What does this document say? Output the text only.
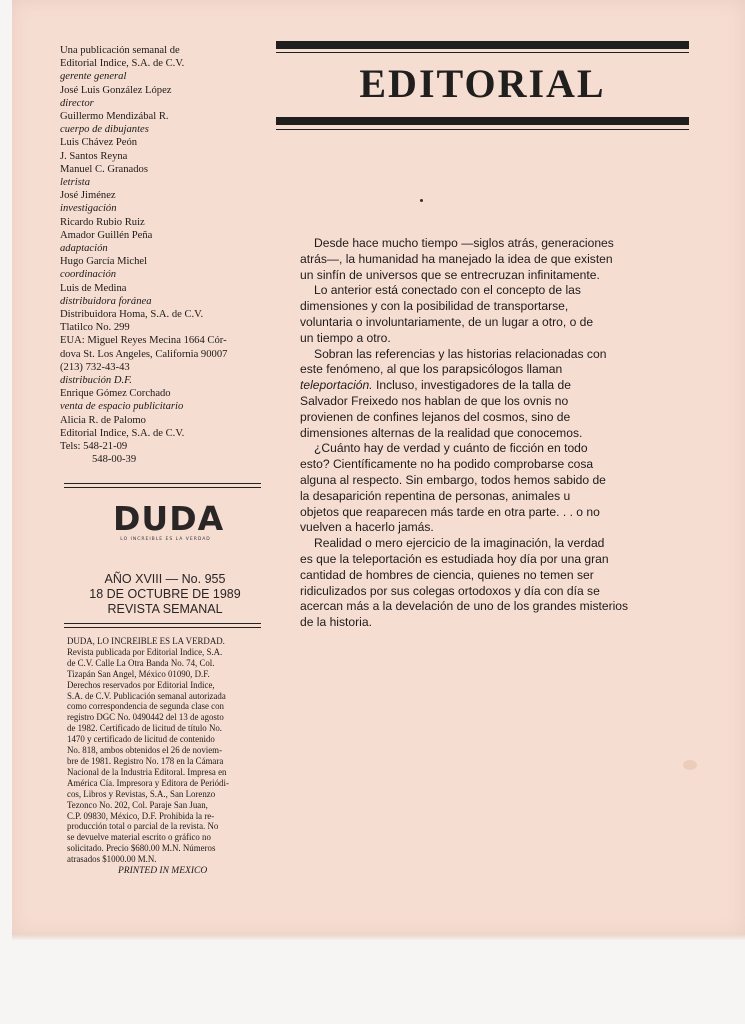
Una publicación semanal de
Editorial Indice, S.A. de C.V.
gerente general
José Luis González López
director
Guillermo Mendizábal R.
cuerpo de dibujantes
Luis Chávez Peón
J. Santos Reyna
Manuel C. Granados
letrista
José Jiménez
investigación
Ricardo Rubio Ruiz
Amador Guillén Peña
adaptación
Hugo García Michel
coordinación
Luis de Medina
distribuidora foránea
Distribuidora Homa, S.A. de C.V.
Tlatilco No. 299
EUA: Miguel Reyes Mecina 1664 Cór-
dova St. Los Angeles, California 90007
(213) 732-43-43
distribución D.F.
Enrique Gómez Corchado
venta de espacio publicitario
Alicia R. de Palomo
Editorial Indice, S.A. de C.V.
Tels: 548-21-09
548-00-39
DUDA
LO INCREIBLE ES LA VERDAD
AÑO XVIII — No. 955
18 DE OCTUBRE DE 1989
REVISTA SEMANAL
DUDA, LO INCREIBLE ES LA VERDAD.
Revista publicada por Editorial Indice, S.A.
de C.V. Calle La Otra Banda No. 74, Col.
Tizapán San Angel, México 01090, D.F.
Derechos reservados por Editorial Indice,
S.A. de C.V. Publicación semanal autorizada
como correspondencia de segunda clase con
registro DGC No. 0490442 del 13 de agosto
de 1982. Certificado de licitud de título No.
1470 y certificado de licitud de contenido
No. 818, ambos obtenidos el 26 de noviem-
bre de 1981. Registro No. 178 en la Cámara
Nacional de la Industria Editoral. Impresa en
América Cía. Impresora y Editora de Periódi-
cos, Libros y Revistas, S.A., San Lorenzo
Tezonco No. 202, Col. Paraje San Juan,
C.P. 09830, México, D.F. Prohibida la re-
producción total o parcial de la revista. No
se devuelve material escrito o gráfico no
solicitado. Precio $680.00 M.N. Números
atrasados $1000.00 M.N.
PRINTED IN MEXICO
EDITORIAL
Desde hace mucho tiempo —siglos atrás, generaciones
atrás—, la humanidad ha manejado la idea de que existen
un sinfín de universos que se entrecruzan infinitamente.
Lo anterior está conectado con el concepto de las
dimensiones y con la posibilidad de transportarse,
voluntaria o involuntariamente, de un lugar a otro, o de
un tiempo a otro.
Sobran las referencias y las historias relacionadas con
este fenómeno, al que los parapsicólogos llaman
teleportación. Incluso, investigadores de la talla de
Salvador Freixedo nos hablan de que los ovnis no
provienen de confines lejanos del cosmos, sino de
dimensiones alternas de la realidad que conocemos.
¿Cuánto hay de verdad y cuánto de ficción en todo
esto? Científicamente no ha podido comprobarse cosa
alguna al respecto. Sin embargo, todos hemos sabido de
la desaparición repentina de personas, animales u
objetos que reaparecen más tarde en otra parte. . . o no
vuelven a hacerlo jamás.
Realidad o mero ejercicio de la imaginación, la verdad
es que la teleportación es estudiada hoy día por una gran
cantidad de hombres de ciencia, quienes no temen ser
ridiculizados por sus colegas ortodoxos y día con día se
acercan más a la develación de uno de los grandes misterios
de la historia.
